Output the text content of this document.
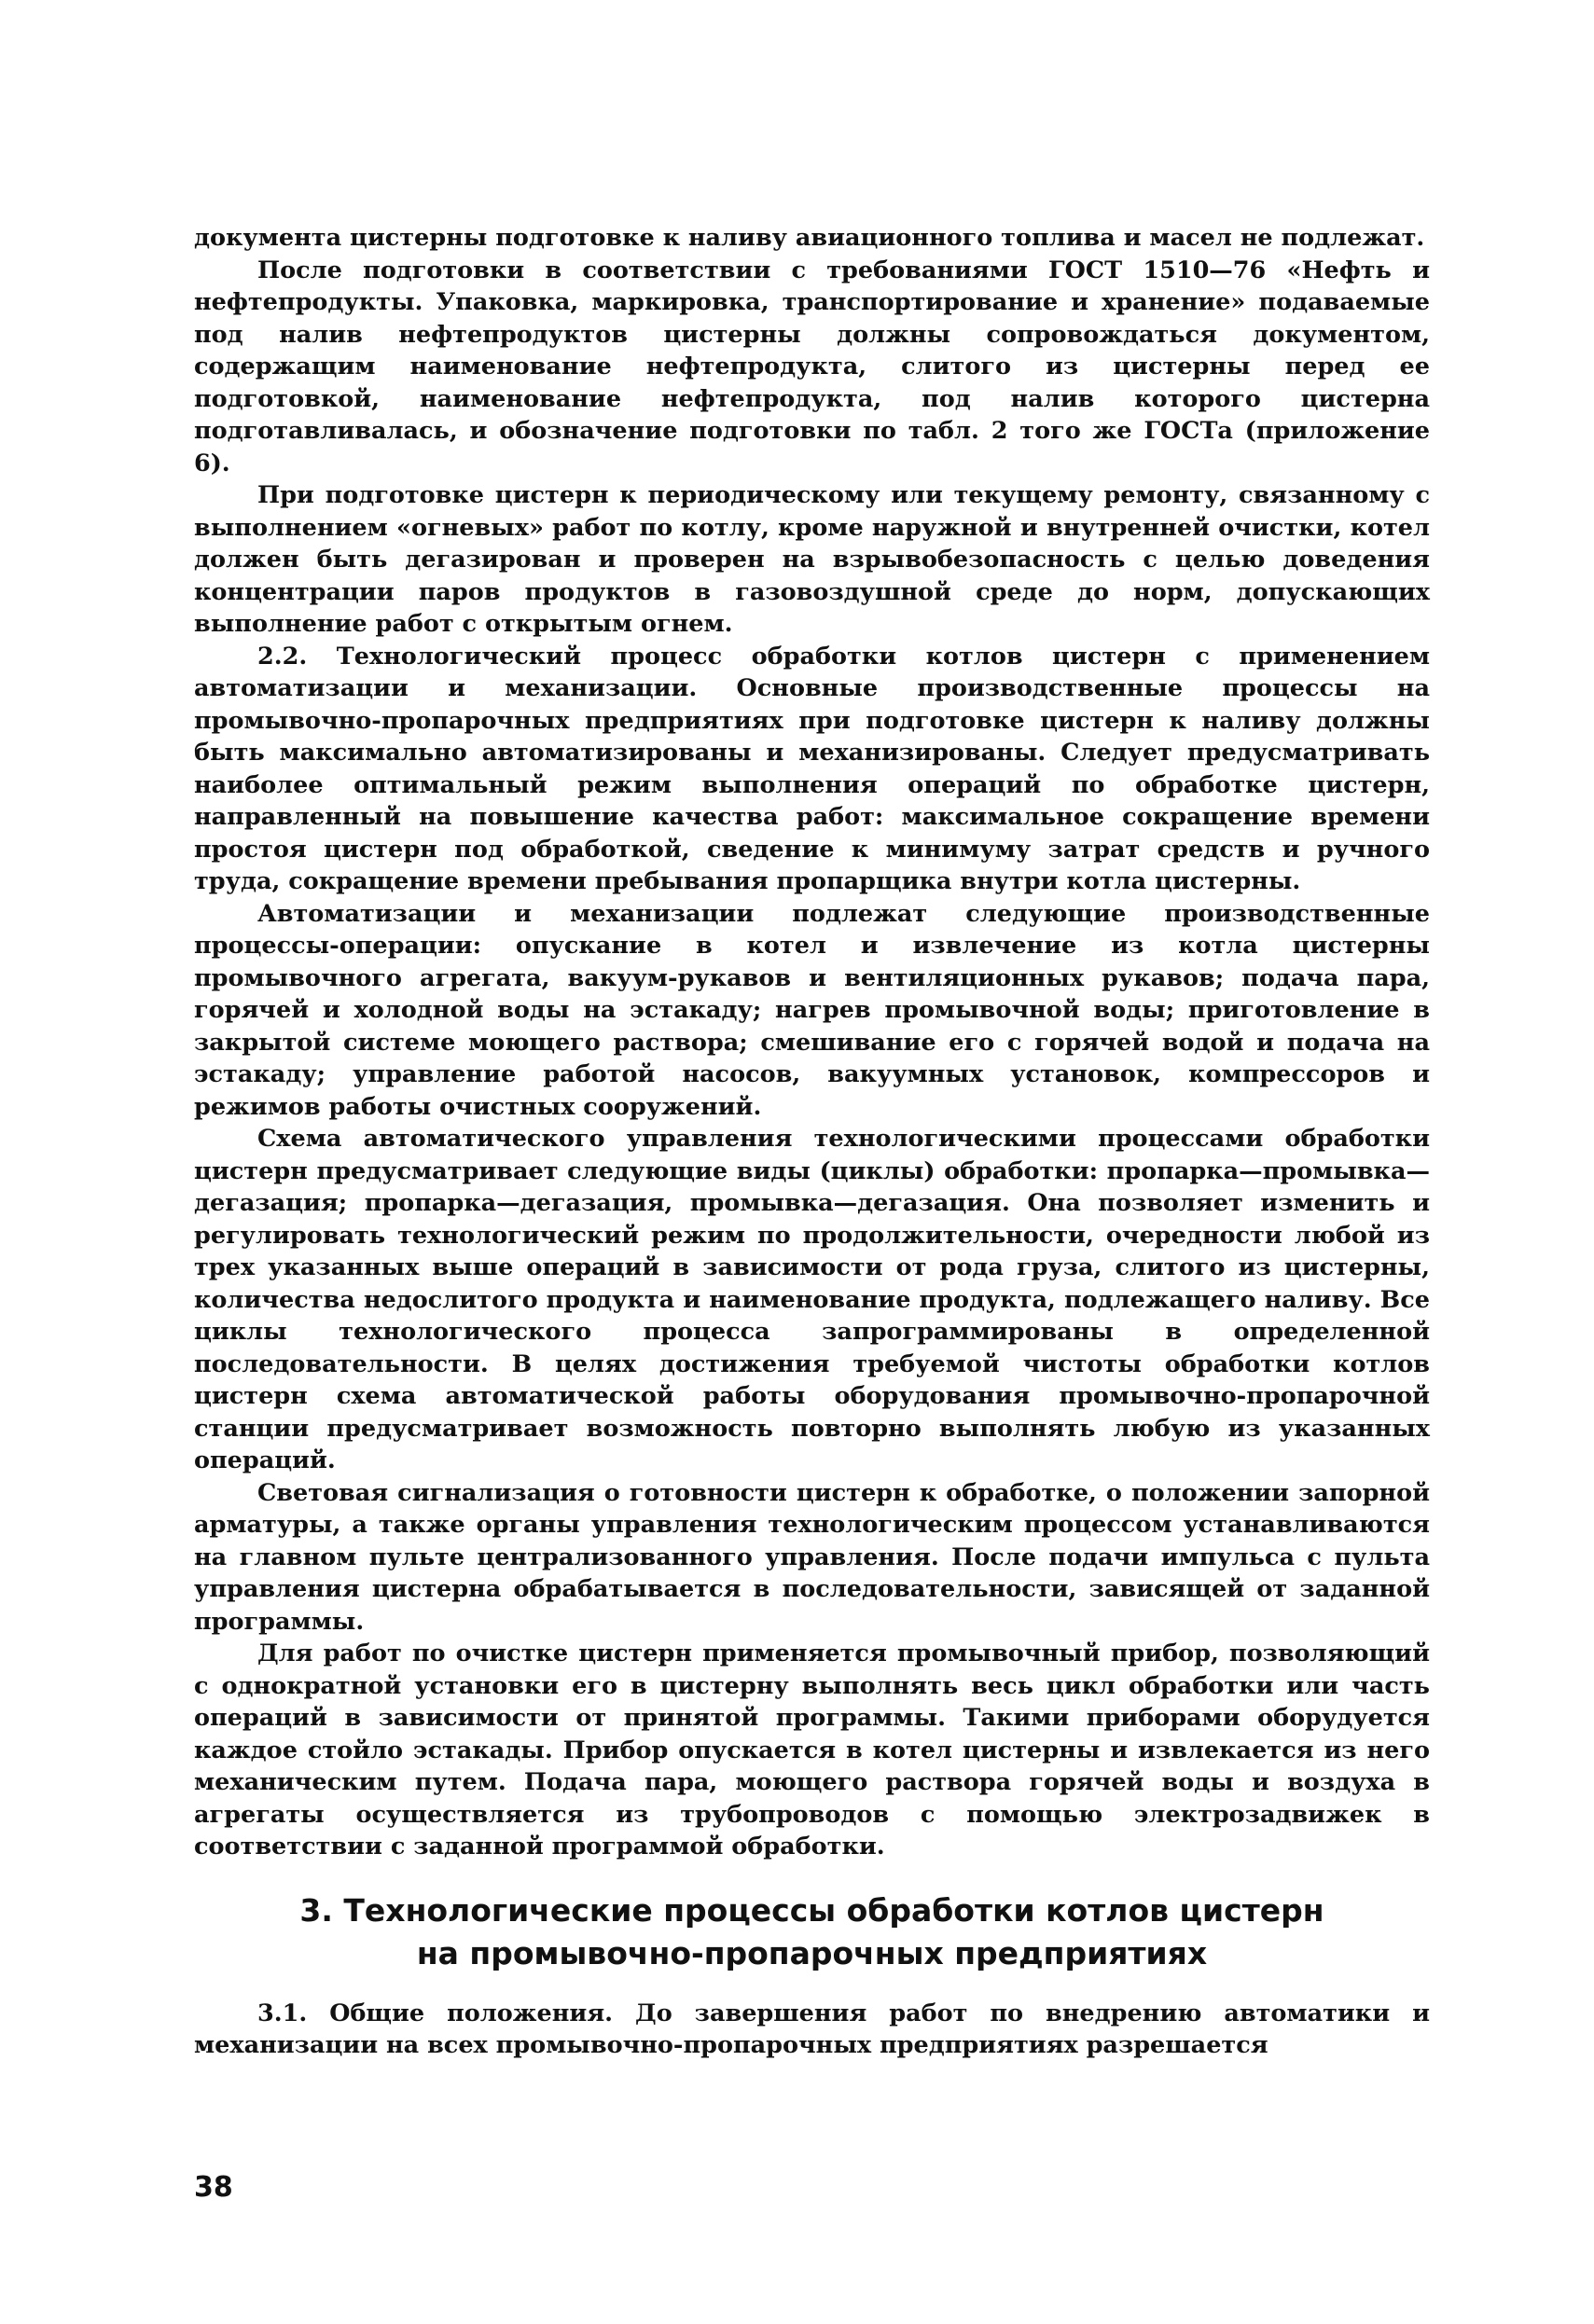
документа цистерны подготовке к наливу авиационного топлива и масел не подлежат.

После подготовки в соответствии с требованиями ГОСТ 1510—76 «Нефть и нефтепродукты. Упаковка, маркировка, транспортирование и хранение» подаваемые под налив нефтепродуктов цистерны должны сопровождаться документом, содержащим наименование нефтепродукта, слитого из цистерны перед ее подготовкой, наименование нефтепродукта, под налив которого цистерна подготавливалась, и обозначение подготовки по табл. 2 того же ГОСТа (приложение 6).

При подготовке цистерн к периодическому или текущему ремонту, связанному с выполнением «огневых» работ по котлу, кроме наружной и внутренней очистки, котел должен быть дегазирован и проверен на взрывобезопасность с целью доведения концентрации паров продуктов в газовоздушной среде до норм, допускающих выполнение работ с открытым огнем.

2.2. Технологический процесс обработки котлов цистерн с применением автоматизации и механизации. Основные производственные процессы на промывочно-пропарочных предприятиях при подготовке цистерн к наливу должны быть максимально автоматизированы и механизированы. Следует предусматривать наиболее оптимальный режим выполнения операций по обработке цистерн, направленный на повышение качества работ: максимальное сокращение времени простоя цистерн под обработкой, сведение к минимуму затрат средств и ручного труда, сокращение времени пребывания пропарщика внутри котла цистерны.

Автоматизации и механизации подлежат следующие производственные процессы-операции: опускание в котел и извлечение из котла цистерны промывочного агрегата, вакуум-рукавов и вентиляционных рукавов; подача пара, горячей и холодной воды на эстакаду; нагрев промывочной воды; приготовление в закрытой системе моющего раствора; смешивание его с горячей водой и подача на эстакаду; управление работой насосов, вакуумных установок, компрессоров и режимов работы очистных сооружений.

Схема автоматического управления технологическими процессами обработки цистерн предусматривает следующие виды (циклы) обработки: пропарка—промывка—дегазация; пропарка—дегазация, промывка—дегазация. Она позволяет изменить и регулировать технологический режим по продолжительности, очередности любой из трех указанных выше операций в зависимости от рода груза, слитого из цистерны, количества недослитого продукта и наименование продукта, подлежащего наливу. Все циклы технологического процесса запрограммированы в определенной последовательности. В целях достижения требуемой чистоты обработки котлов цистерн схема автоматической работы оборудования промывочно-пропарочной станции предусматривает возможность повторно выполнять любую из указанных операций.

Световая сигнализация о готовности цистерн к обработке, о положении запорной арматуры, а также органы управления технологическим процессом устанавливаются на главном пульте централизованного управления. После подачи импульса с пульта управления цистерна обрабатывается в последовательности, зависящей от заданной программы.

Для работ по очистке цистерн применяется промывочный прибор, позволяющий с однократной установки его в цистерну выполнять весь цикл обработки или часть операций в зависимости от принятой программы. Такими приборами оборудуется каждое стойло эстакады. Прибор опускается в котел цистерны и извлекается из него механическим путем. Подача пара, моющего раствора горячей воды и воздуха в агрегаты осуществляется из трубопроводов с помощью электрозадвижек в соответствии с заданной программой обработки.

3. Технологические процессы обработки котлов цистерн
на промывочно-пропарочных предприятиях

3.1. Общие положения. До завершения работ по внедрению автоматики и механизации на всех промывочно-пропарочных предприятиях разрешается

38
